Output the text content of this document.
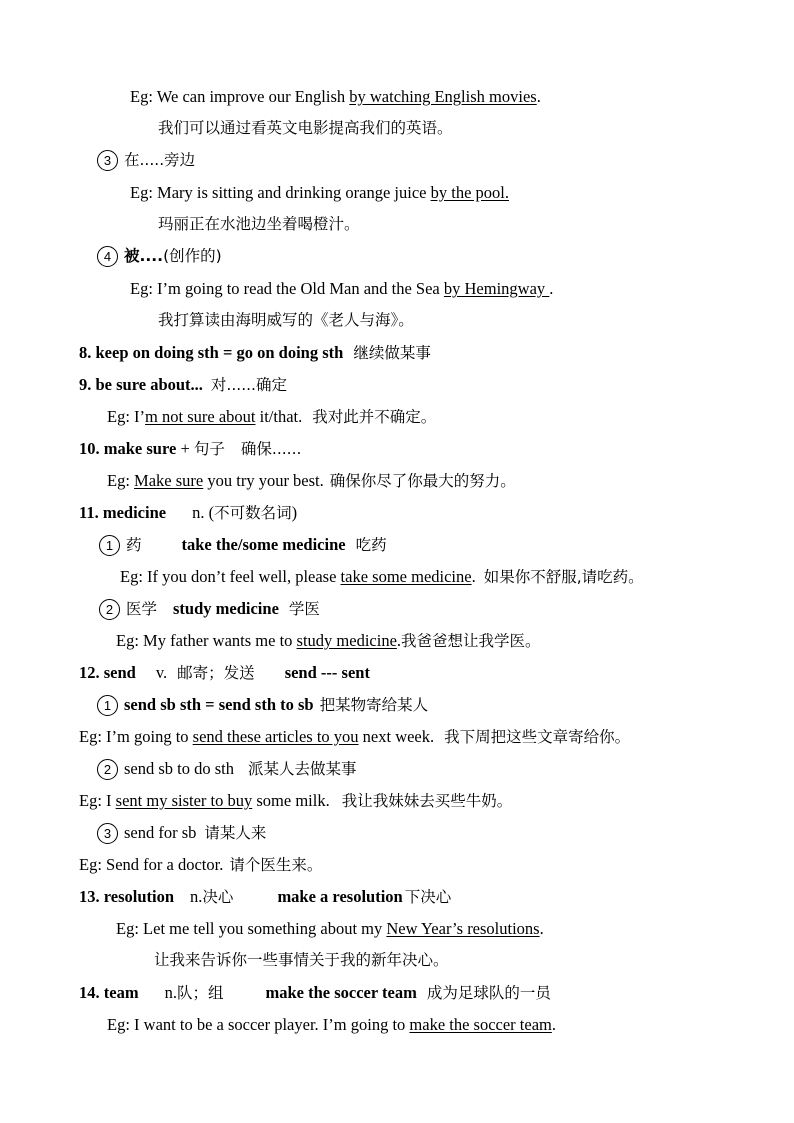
Eg: We can improve our English by watching English movies.
我们可以通过看英文电影提高我们的英语。
3 在.....旁边
Eg: Mary is sitting and drinking orange juice by the pool.
玛丽正在水池边坐着喝橙汁。
4 被....(创作的)
Eg: I’m going to read the Old Man and the Sea by Hemingway .
我打算读由海明威写的《老人与海》。
8. keep on doing sth = go on doing sth 继续做某事
9. be sure about... 对......确定
Eg: I’m not sure about it/that. 我对此并不确定。
10. make sure + 句子 确保......
Eg: Make sure you try your best. 确保你尽了你最大的努力。
11. medicine n. (不可数名词)
1 药 take the/some medicine 吃药
Eg: If you don’t feel well, please take some medicine. 如果你不舒服,请吃药。
2 医学 study medicine 学医
Eg: My father wants me to study medicine.我爸爸想让我学医。
12. send v. 邮寄；发送 send --- sent
1 send sb sth = send sth to sb 把某物寄给某人
Eg: I’m going to send these articles to you next week. 我下周把这些文章寄给你。
2 send sb to do sth 派某人去做某事
Eg: I sent my sister to buy some milk. 我让我妹妹去买些牛奶。
3 send for sb 请某人来
Eg: Send for a doctor. 请个医生来。
13. resolution n.决心	make a resolution 下决心
Eg: Let me tell you something about my New Year’s resolutions.
让我来告诉你一些事情关于我的新年决心。
14. team n.队；组	make the soccer team 成为足球队的一员
Eg: I want to be a soccer player. I’m going to make the soccer team.
